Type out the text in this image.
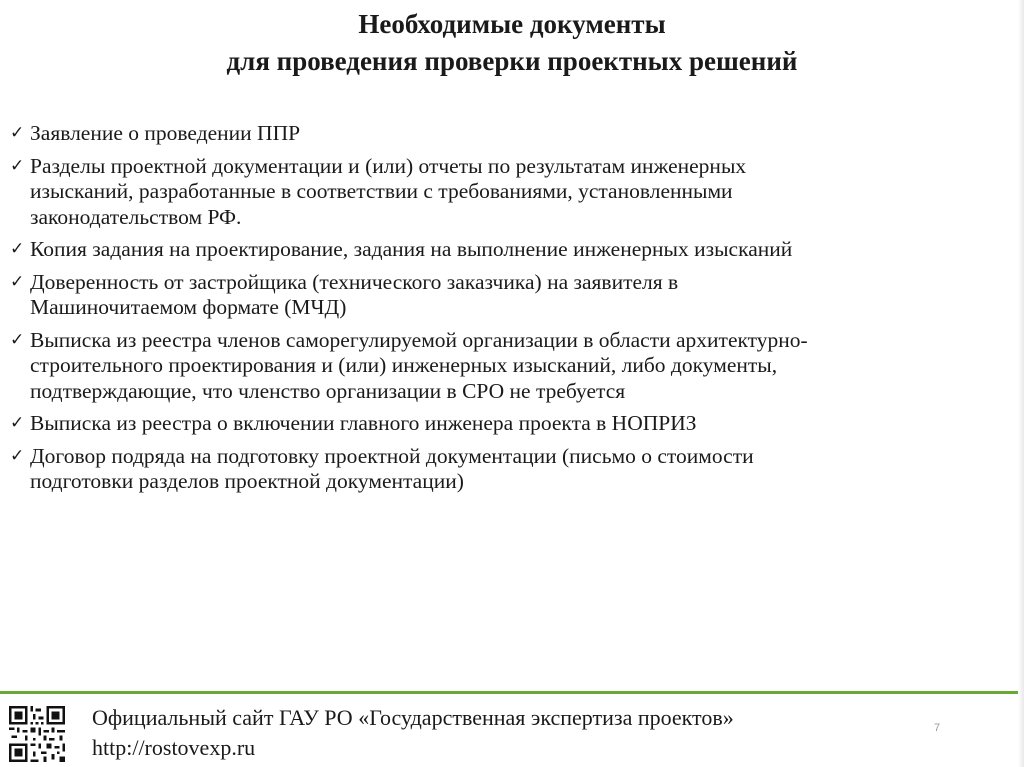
Необходимые документы
для проведения проверки проектных решений
✓ Заявление о проведении ППР
✓ Разделы проектной документации и (или) отчеты по результатам инженерных
изысканий, разработанные в соответствии с требованиями, установленными
законодательством РФ.
✓ Копия задания на проектирование, задания на выполнение инженерных изысканий
✓ Доверенность от застройщика (технического заказчика) на заявителя в
Машиночитаемом формате (МЧД)
✓ Выписка из реестра членов саморегулируемой организации в области архитектурно-
строительного проектирования и (или) инженерных изысканий, либо документы,
подтверждающие, что членство организации в СРО не требуется
✓ Выписка из реестра о включении главного инженера проекта в НОПРИЗ
✓ Договор подряда на подготовку проектной документации (письмо о стоимости
подготовки разделов проектной документации)
Официальный сайт ГАУ РО «Государственная экспертиза проектов»
http://rostovexp.ru
7
